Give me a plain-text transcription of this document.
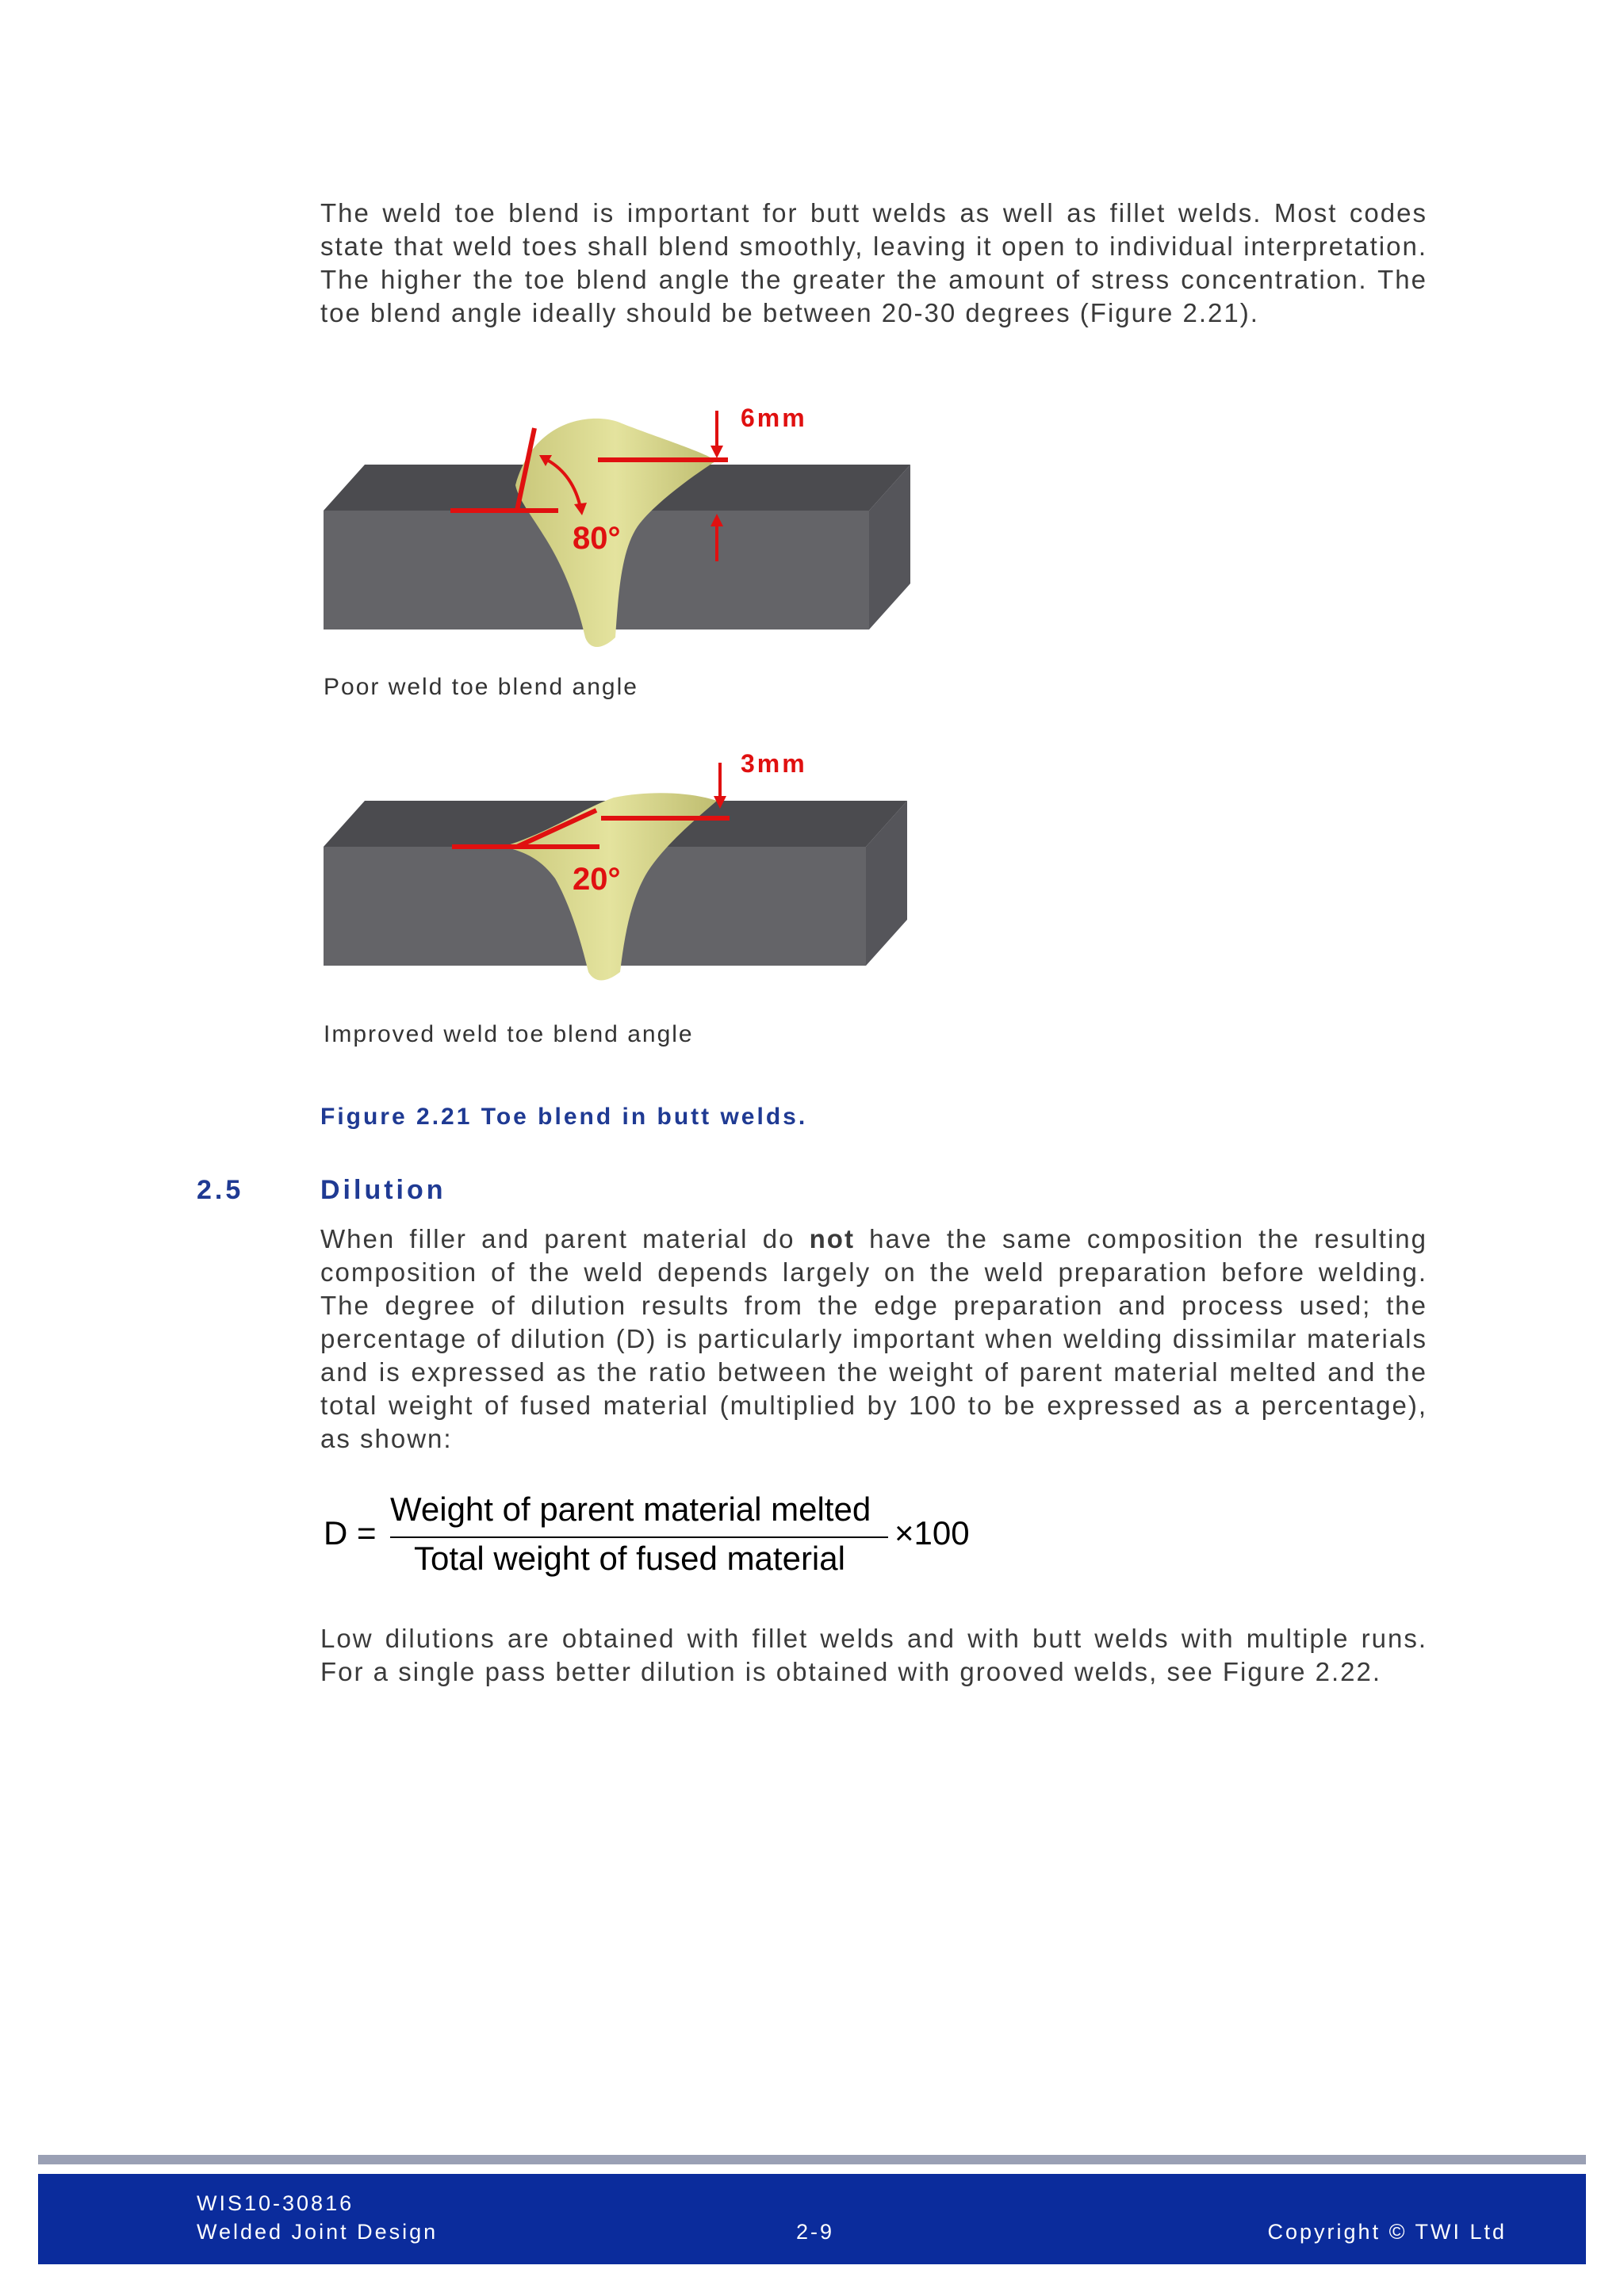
The weld toe blend is important for butt welds as well as fillet welds. Most codes state that weld toes shall blend smoothly, leaving it open to individual interpretation. The higher the toe blend angle the greater the amount of stress concentration. The toe blend angle ideally should be between 20-30 degrees (Figure 2.21).

6mm
80°
Poor weld toe blend angle
3mm
20°
Improved weld toe blend angle
Figure 2.21 Toe blend in butt welds.
2.5	Dilution

When filler and parent material do not have the same composition the resulting composition of the weld depends largely on the weld preparation before welding. The degree of dilution results from the edge preparation and process used; the percentage of dilution (D) is particularly important when welding dissimilar materials and is expressed as the ratio between the weight of parent material melted and the total weight of fused material (multiplied by 100 to be expressed as a percentage), as shown:

D =
Weight of parent material melted
Total weight of fused material
×100

Low dilutions are obtained with fillet welds and with butt welds with multiple runs. For a single pass better dilution is obtained with grooved welds, see Figure 2.22.

WIS10-30816
Welded Joint Design	2-9	Copyright © TWI Ltd
